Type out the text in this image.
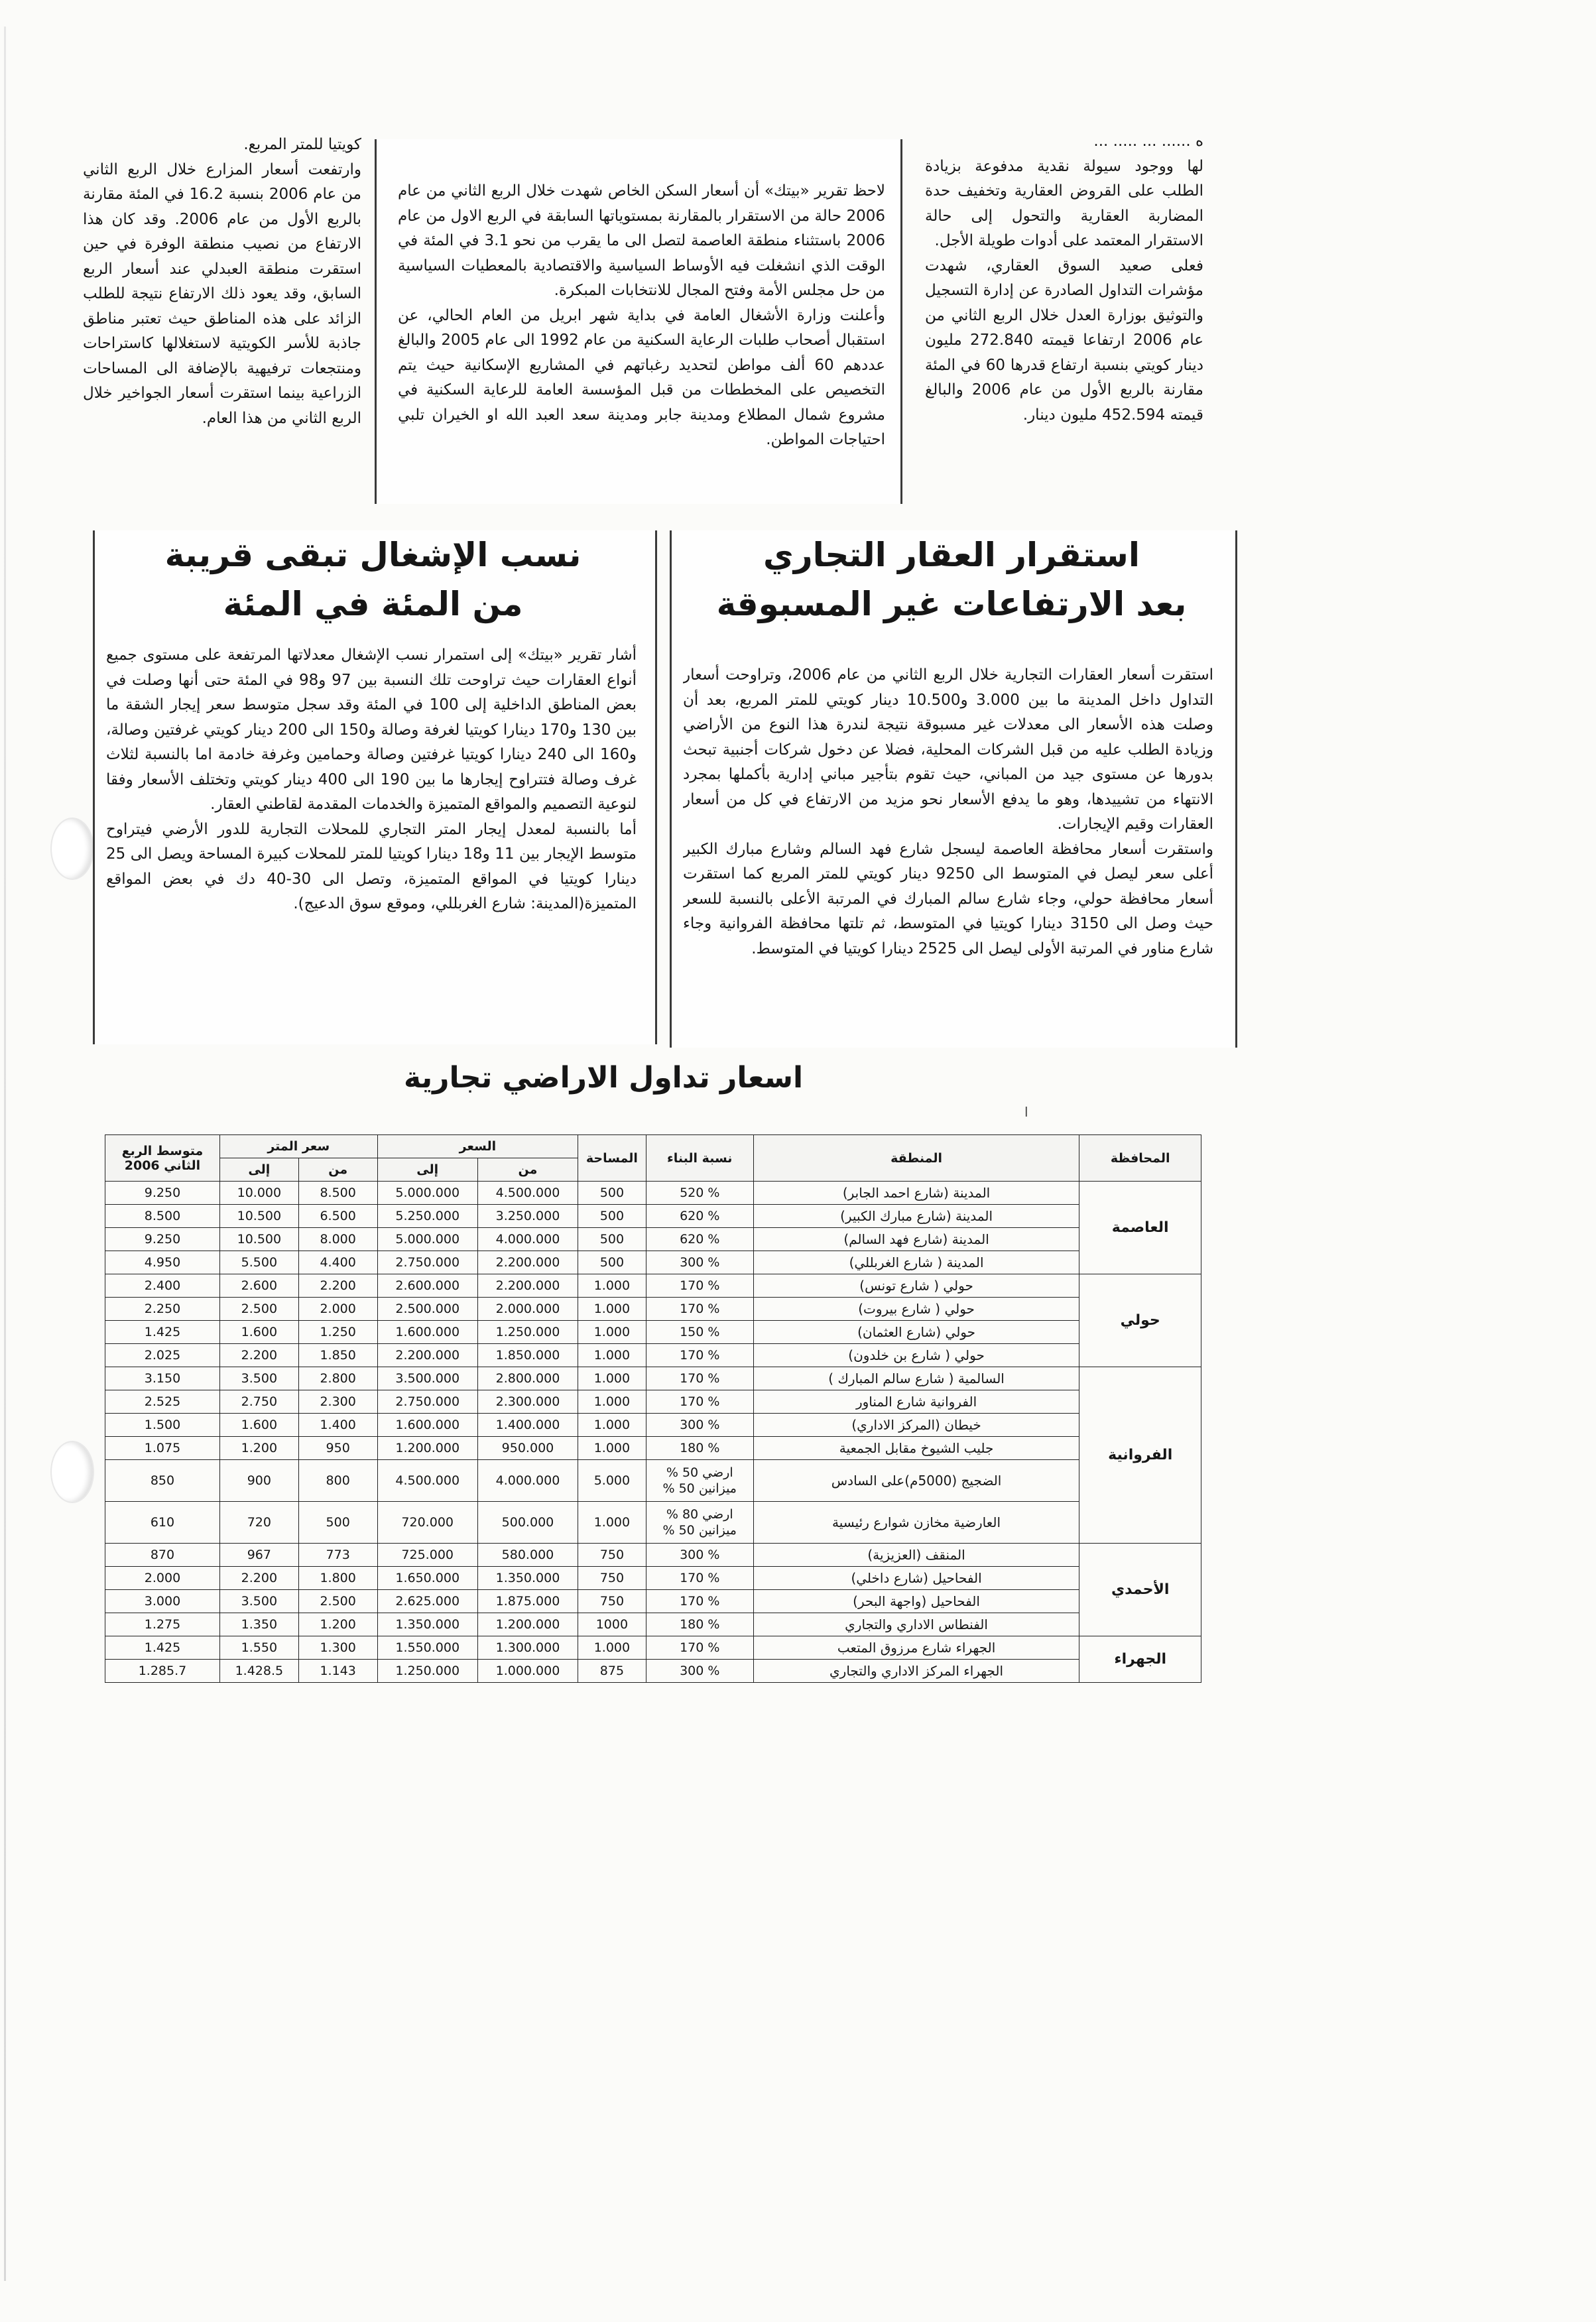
ه ...... ... ..... ...
لها ووجود سيولة نقدية مدفوعة بزيادة الطلب على القروض العقارية وتخفيف حدة المضاربة العقارية والتحول إلى حالة الاستقرار المعتمد على أدوات طويلة الأجل.
فعلى صعيد السوق العقاري، شهدت مؤشرات التداول الصادرة عن إدارة التسجيل والتوثيق بوزارة العدل خلال الربع الثاني من عام 2006 ارتفاعا قيمته 272.840 مليون دينار كويتي بنسبة ارتفاع قدرها 60 في المئة مقارنة بالربع الأول من عام 2006 والبالغ قيمته 452.594 مليون دينار.

لاحظ تقرير «بيتك» أن أسعار السكن الخاص شهدت خلال الربع الثاني من عام 2006 حالة من الاستقرار بالمقارنة بمستوياتها السابقة في الربع الاول من عام 2006 باستثناء منطقة العاصمة لتصل الى ما يقرب من نحو 3.1 في المئة في الوقت الذي انشغلت فيه الأوساط السياسية والاقتصادية بالمعطيات السياسية من حل مجلس الأمة وفتح المجال للانتخابات المبكرة.
وأعلنت وزارة الأشغال العامة في بداية شهر ابريل من العام الحالي، عن استقبال أصحاب طلبات الرعاية السكنية من عام 1992 الى عام 2005 والبالغ عددهم 60 ألف مواطن لتحديد رغباتهم في المشاريع الإسكانية حيث يتم التخصيص على المخططات من قبل المؤسسة العامة للرعاية السكنية في مشروع شمال المطلاع ومدينة جابر ومدينة سعد العبد الله او الخيران تلبي احتياجات المواطن.

كويتيا للمتر المربع.
وارتفعت أسعار المزارع خلال الربع الثاني من عام 2006 بنسبة 16.2 في المئة مقارنة بالربع الأول من عام 2006. وقد كان هذا الارتفاع من نصيب منطقة الوفرة في حين استقرت منطقة العبدلي عند أسعار الربع السابق، وقد يعود ذلك الارتفاع نتيجة للطلب الزائد على هذه المناطق حيث تعتبر مناطق جاذبة للأسر الكويتية لاستغلالها كاستراحات ومنتجعات ترفيهية بالإضافة الى المساحات الزراعية بينما استقرت أسعار الجواخير خلال الربع الثاني من هذا العام.

استقرار العقار التجاري
بعد الارتفاعات غير المسبوقة

استقرت أسعار العقارات التجارية خلال الربع الثاني من عام 2006، وتراوحت أسعار التداول داخل المدينة ما بين 3.000 و10.500 دينار كويتي للمتر المربع، بعد أن وصلت هذه الأسعار الى معدلات غير مسبوقة نتيجة لندرة هذا النوع من الأراضي وزيادة الطلب عليه من قبل الشركات المحلية، فضلا عن دخول شركات أجنبية تبحث بدورها عن مستوى جيد من المباني، حيث تقوم بتأجير مباني إدارية بأكملها بمجرد الانتهاء من تشييدها، وهو ما يدفع الأسعار نحو مزيد من الارتفاع في كل من أسعار العقارات وقيم الإيجارات.
واستقرت أسعار محافظة العاصمة ليسجل شارع فهد السالم وشارع مبارك الكبير أعلى سعر ليصل في المتوسط الى 9250 دينار كويتي للمتر المربع كما استقرت أسعار محافظة حولي، وجاء شارع سالم المبارك في المرتبة الأعلى بالنسبة للسعر حيث وصل الى 3150 دينارا كويتيا في المتوسط، ثم تلتها محافظة الفروانية وجاء شارع مناور في المرتبة الأولى ليصل الى 2525 دينارا كويتيا في المتوسط.

نسب الإشغال تبقى قريبة
من المئة في المئة

أشار تقرير «بيتك» إلى استمرار نسب الإشغال معدلاتها المرتفعة على مستوى جميع أنواع العقارات حيث تراوحت تلك النسبة بين 97 و98 في المئة حتى أنها وصلت في بعض المناطق الداخلية إلى 100 في المئة وقد سجل متوسط سعر إيجار الشقة ما بين 130 و170 دينارا كويتيا لغرفة وصالة و150 الى 200 دينار كويتي غرفتين وصالة، و160 الى 240 دينارا كويتيا غرفتين وصالة وحمامين وغرفة خادمة اما بالنسبة لثلاث غرف وصالة فتتراوح إيجارها ما بين 190 الى 400 دينار كويتي وتختلف الأسعار وفقا لنوعية التصميم والمواقع المتميزة والخدمات المقدمة لقاطني العقار.
أما بالنسبة لمعدل إيجار المتر التجاري للمحلات التجارية للدور الأرضي فيتراوح متوسط الإيجار بين 11 و18 دينارا كويتيا للمتر للمحلات كبيرة المساحة ويصل الى 25 دينارا كويتيا في المواقع المتميزة، وتصل الى 30-40 دك في بعض المواقع المتميزة(المدينة: شارع الغربللي، وموقع سوق الدعيج).

اسعار تداول الاراضي تجارية
المحافظة	المنطقة	نسبة البناء	المساحة	السعر		سعر المتر		متوسط الربع الثاني 2006
				من	إلى	من	إلى	
العاصمة	المدينة (شارع احمد الجابر)	% 520	500	4.500.000	5.000.000	8.500	10.000	9.250
	المدينة (شارع مبارك الكبير)	% 620	500	3.250.000	5.250.000	6.500	10.500	8.500
	المدينة (شارع فهد السالم)	% 620	500	4.000.000	5.000.000	8.000	10.500	9.250
	المدينة ( شارع الغربللي)	% 300	500	2.200.000	2.750.000	4.400	5.500	4.950
حولي	حولي ( شارع تونس)	% 170	1.000	2.200.000	2.600.000	2.200	2.600	2.400
	حولي ( شارع بيروت)	% 170	1.000	2.000.000	2.500.000	2.000	2.500	2.250
	حولي (شارع العثمان)	% 150	1.000	1.250.000	1.600.000	1.250	1.600	1.425
	حولي ( شارع بن خلدون)	% 170	1.000	1.850.000	2.200.000	1.850	2.200	2.025
الفروانية	السالمية ( شارع سالم المبارك )	% 170	1.000	2.800.000	3.500.000	2.800	3.500	3.150
	الفروانية شارع المناور	% 170	1.000	2.300.000	2.750.000	2.300	2.750	2.525
	خيطان (المركز الاداري)	% 300	1.000	1.400.000	1.600.000	1.400	1.600	1.500
	جليب الشيوخ مقابل الجمعية	% 180	1.000	950.000	1.200.000	950	1.200	1.075
	الضجيج (5000م)على السادس	ارضي 50 %
ميزانين 50 %	5.000	4.000.000	4.500.000	800	900	850
	العارضية مخازن شوارع رئيسية	ارضي 80 %
ميزانين 50 %	1.000	500.000	720.000	500	720	610
الأحمدي	المنقف (العزيزية)	% 300	750	580.000	725.000	773	967	870
	الفحاحيل (شارع داخلي)	% 170	750	1.350.000	1.650.000	1.800	2.200	2.000
	الفحاحيل (واجهة البحر)	% 170	750	1.875.000	2.625.000	2.500	3.500	3.000
	الفنطاس الاداري والتجاري	% 180	1000	1.200.000	1.350.000	1.200	1.350	1.275
الجهراء	الجهراء شارع مرزوق المتعب	% 170	1.000	1.300.000	1.550.000	1.300	1.550	1.425
	الجهراء المركز الاداري والتجاري	% 300	875	1.000.000	1.250.000	1.143	1.428.5	1.285.7
ا
